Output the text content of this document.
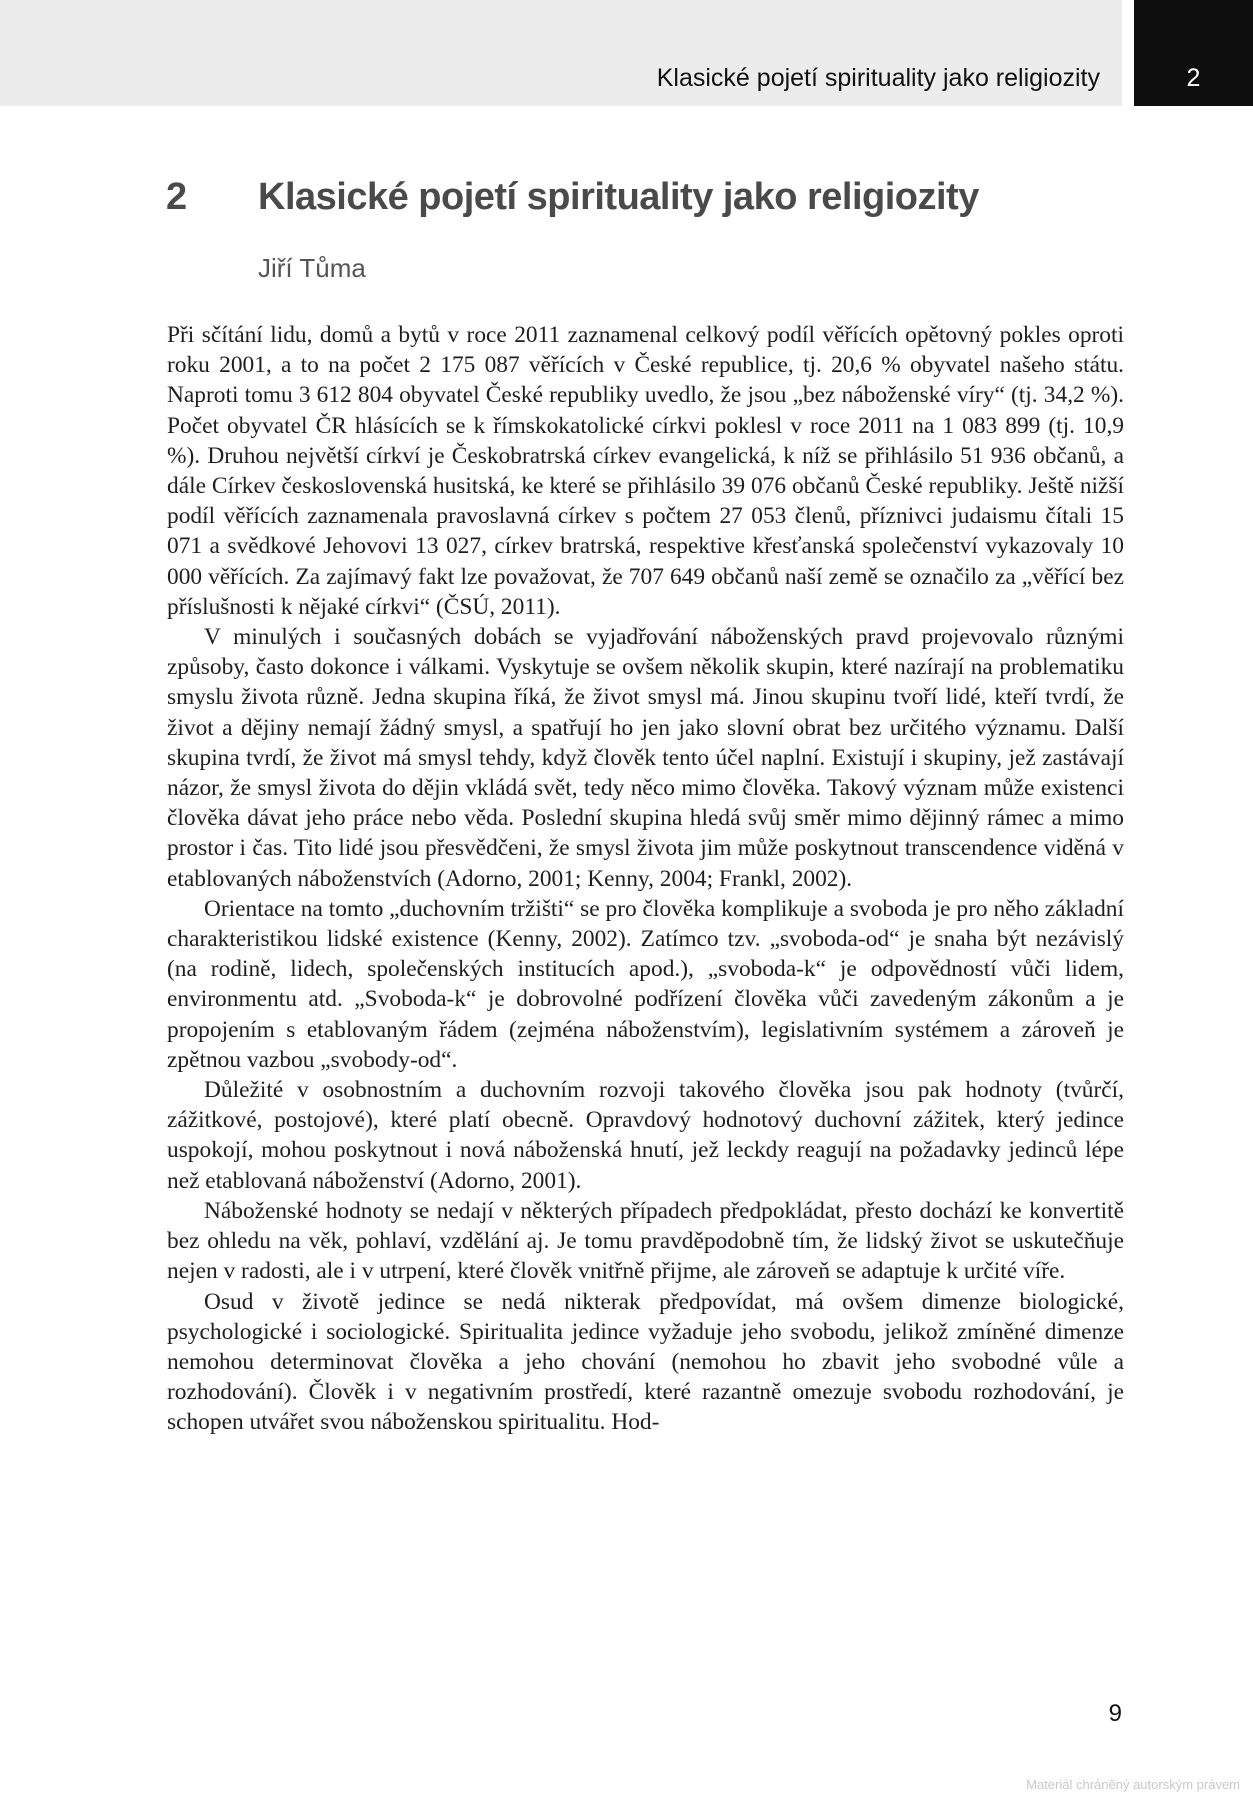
Klasické pojetí spirituality jako religiozity	2
2 Klasické pojetí spirituality jako religiozity
Jiří Tůma

Při sčítání lidu, domů a bytů v roce 2011 zaznamenal celkový podíl věřících opětovný pokles oproti roku 2001, a to na počet 2 175 087 věřících v České republice, tj. 20,6 % obyvatel našeho státu. Naproti tomu 3 612 804 obyvatel České republiky uvedlo, že jsou „bez náboženské víry“ (tj. 34,2 %). Počet obyvatel ČR hlásících se k římskokatolické církvi poklesl v roce 2011 na 1 083 899 (tj. 10,9 %). Druhou největší církví je Českobratrská církev evangelická, k níž se přihlásilo 51 936 občanů, a dále Církev československá husitská, ke které se přihlásilo 39 076 občanů České republiky. Ještě nižší podíl věřících zaznamenala pravoslavná církev s počtem 27 053 členů, příznivci judaismu čítali 15 071 a svědkové Jehovovi 13 027, církev bratrská, respektive křesťanská společenství vykazovaly 10 000 věřících. Za zajímavý fakt lze považovat, že 707 649 občanů naší země se označilo za „věřící bez příslušnosti k nějaké církvi“ (ČSÚ, 2011).

V minulých i současných dobách se vyjadřování náboženských pravd projevovalo různými způsoby, často dokonce i válkami. Vyskytuje se ovšem několik skupin, které nazírají na problematiku smyslu života různě. Jedna skupina říká, že život smysl má. Jinou skupinu tvoří lidé, kteří tvrdí, že život a dějiny nemají žádný smysl, a spatřují ho jen jako slovní obrat bez určitého významu. Další skupina tvrdí, že život má smysl tehdy, když člověk tento účel naplní. Existují i skupiny, jež zastávají názor, že smysl života do dějin vkládá svět, tedy něco mimo člověka. Takový význam může existenci člověka dávat jeho práce nebo věda. Poslední skupina hledá svůj směr mimo dějinný rámec a mimo prostor i čas. Tito lidé jsou přesvědčeni, že smysl života jim může poskytnout transcendence viděná v etablovaných náboženstvích (Adorno, 2001; Kenny, 2004; Frankl, 2002).

Orientace na tomto „duchovním tržišti“ se pro člověka komplikuje a svoboda je pro něho základní charakteristikou lidské existence (Kenny, 2002). Zatímco tzv. „svoboda-od“ je snaha být nezávislý (na rodině, lidech, společenských institucích apod.), „svoboda-k“ je odpovědností vůči lidem, environmentu atd. „Svoboda-k“ je dobrovolné podřízení člověka vůči zavedeným zákonům a je propojením s etablovaným řádem (zejména náboženstvím), legislativním systémem a zároveň je zpětnou vazbou „svobody-od“.

Důležité v osobnostním a duchovním rozvoji takového člověka jsou pak hodnoty (tvůrčí, zážitkové, postojové), které platí obecně. Opravdový hodnotový duchovní zážitek, který jedince uspokojí, mohou poskytnout i nová náboženská hnutí, jež leckdy reagují na požadavky jedinců lépe než etablovaná náboženství (Adorno, 2001).

Náboženské hodnoty se nedají v některých případech předpokládat, přesto dochází ke konvertitě bez ohledu na věk, pohlaví, vzdělání aj. Je tomu pravděpodobně tím, že lidský život se uskutečňuje nejen v radosti, ale i v utrpení, které člověk vnitřně přijme, ale zároveň se adaptuje k určité víře.

Osud v životě jedince se nedá nikterak předpovídat, má ovšem dimenze biologické, psychologické i sociologické. Spiritualita jedince vyžaduje jeho svobodu, jelikož zmíněné dimenze nemohou determinovat člověka a jeho chování (nemohou ho zbavit jeho svobodné vůle a rozhodování). Člověk i v negativním prostředí, které razantně omezuje svobodu rozhodování, je schopen utvářet svou náboženskou spiritualitu. Hod-

9
Materiál chráněný autorským právem
